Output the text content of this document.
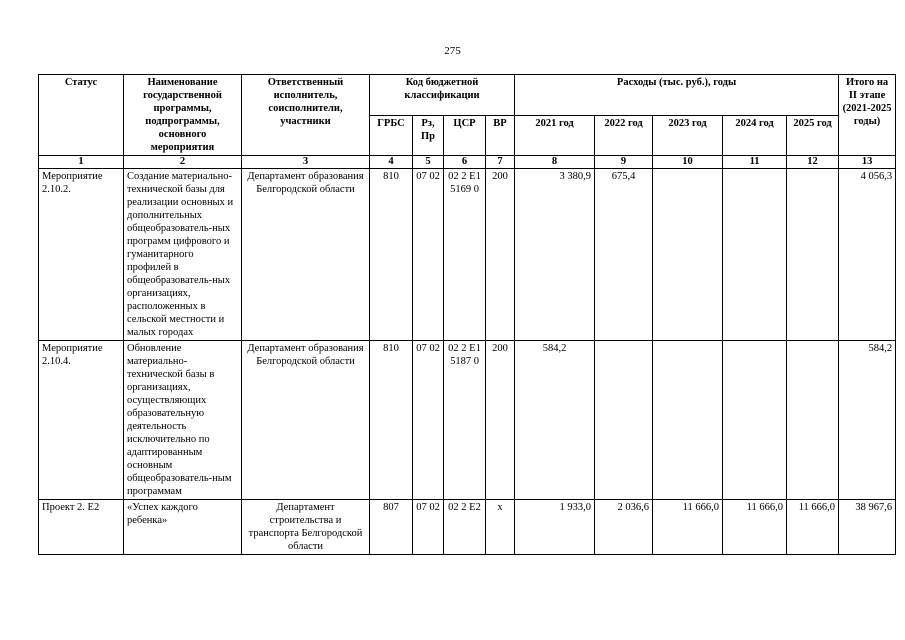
275
Статус	Наименование государственной программы, подпрограммы, основного мероприятия	Ответственный исполнитель, соисполнители, участники	Код бюджетной классификации				Расходы (тыс. руб.), годы					Итого на II этапе (2021-2025 годы)
			ГРБС	Рз, Пр	ЦСР	ВР	2021 год	2022 год	2023 год	2024 год	2025 год	
1	2	3	4	5	6	7	8	9	10	11	12	13
Мероприятие 2.10.2.	Создание материально-технической базы для реализации основных и дополнительных общеобразователь-ных программ цифрового и гуманитарного профилей в общеобразователь-ных организациях, расположенных в сельской местности и малых городах	Департамент образования Белгородской области	810	07 02	02 2 E1 5169 0	200	3 380,9	675,4				4 056,3
Мероприятие 2.10.4.	Обновление материально-технической базы в организациях, осуществляющих образовательную деятельность исключительно по адаптированным основным общеобразователь-ным программам	Департамент образования Белгородской области	810	07 02	02 2 E1 5187 0	200	584,2					584,2
Проект 2. E2	«Успех каждого ребенка»	Департамент строительства и транспорта Белгородской области	807	07 02	02 2 E2	x	1 933,0	2 036,6	11 666,0	11 666,0	11 666,0	38 967,6
